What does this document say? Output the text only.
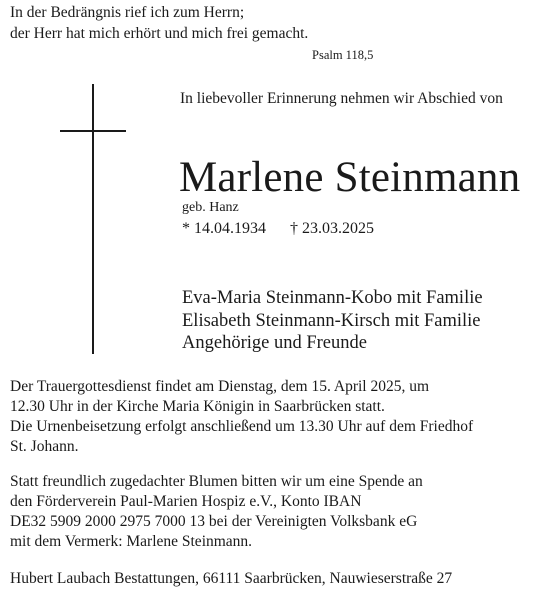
In der Bedrängnis rief ich zum Herrn;
der Herr hat mich erhört und mich frei gemacht.
Psalm 118,5
In liebevoller Erinnerung nehmen wir Abschied von
Marlene Steinmann
geb. Hanz
* 14.04.1934 † 23.03.2025
Eva-Maria Steinmann-Kobo mit Familie
Elisabeth Steinmann-Kirsch mit Familie
Angehörige und Freunde
Der Trauergottesdienst findet am Dienstag, dem 15. April 2025, um
12.30 Uhr in der Kirche Maria Königin in Saarbrücken statt.
Die Urnenbeisetzung erfolgt anschließend um 13.30 Uhr auf dem Friedhof
St. Johann.
Statt freundlich zugedachter Blumen bitten wir um eine Spende an
den Förderverein Paul-Marien Hospiz e.V., Konto IBAN
DE32 5909 2000 2975 7000 13 bei der Vereinigten Volksbank eG
mit dem Vermerk: Marlene Steinmann.
Hubert Laubach Bestattungen, 66111 Saarbrücken, Nauwieserstraße 27
